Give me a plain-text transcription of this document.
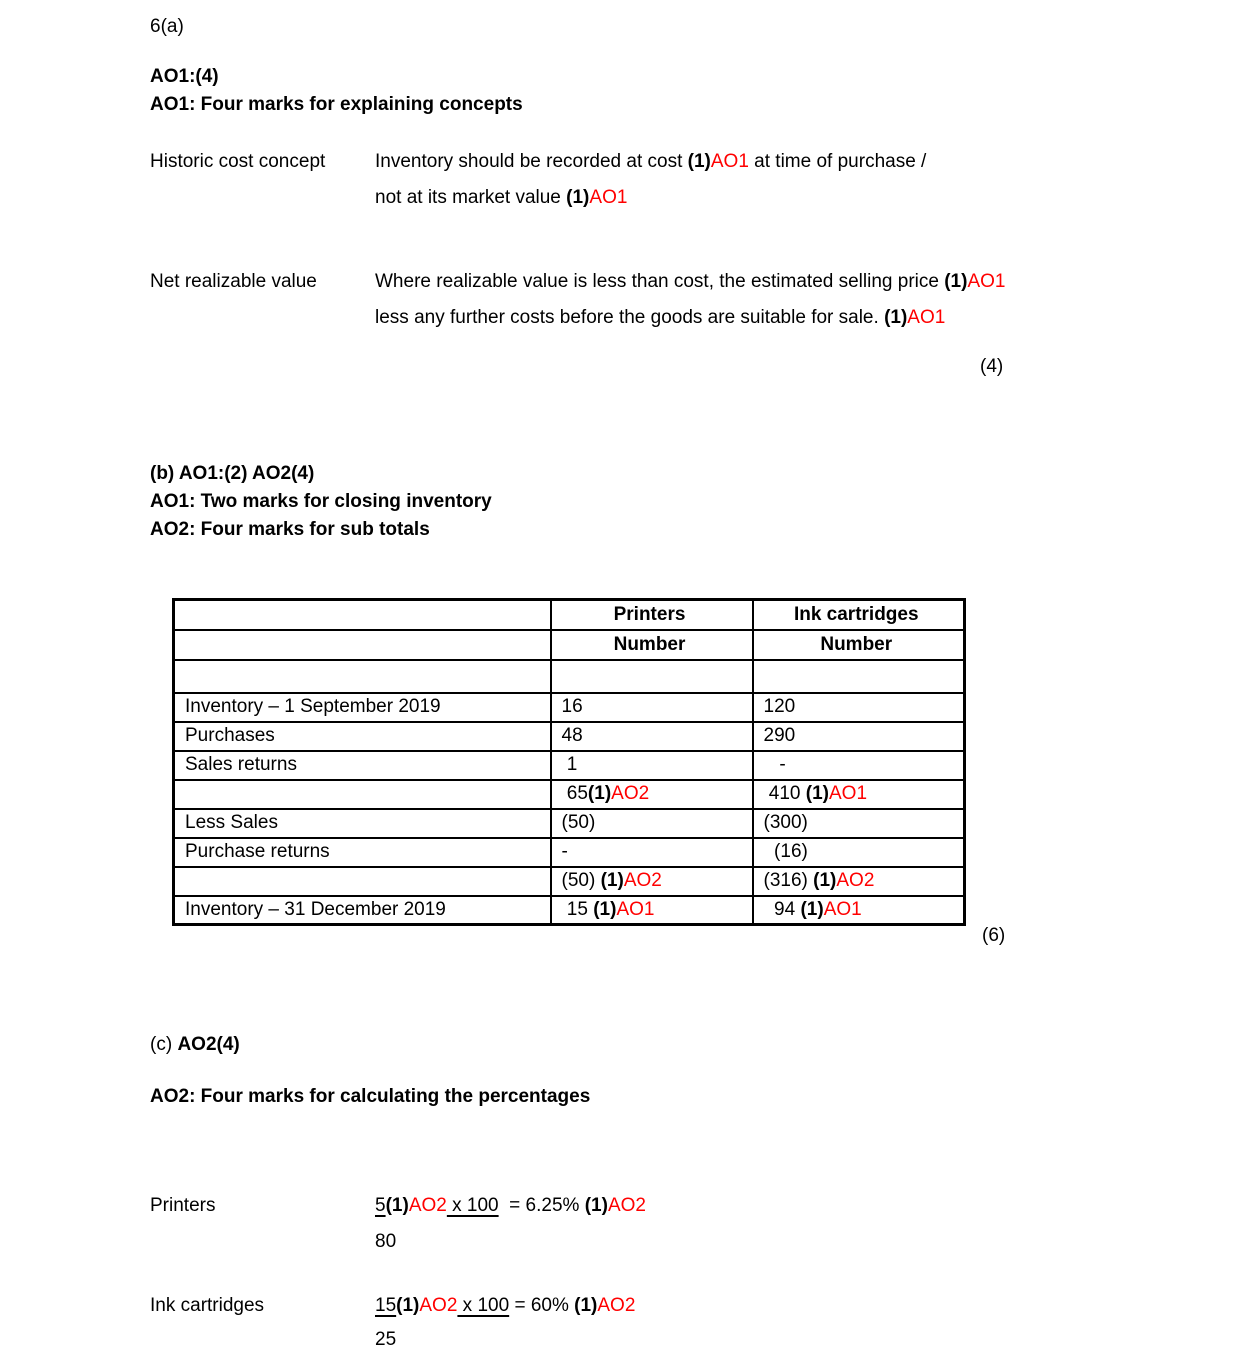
6(a)
AO1:(4)
AO1: Four marks for explaining concepts
Historic cost concept	Inventory should be recorded at cost (1)AO1 at time of purchase /
not at its market value (1)AO1
Net realizable value	Where realizable value is less than cost, the estimated selling price (1)AO1
less any further costs before the goods are suitable for sale. (1)AO1
(4)
(b) AO1:(2) AO2(4)
AO1: Two marks for closing inventory
AO2: Four marks for sub totals
	Printers	Ink cartridges
	Number	Number

Inventory – 1 September 2019	16	120
Purchases	48	290
Sales returns	1	-
	65(1)AO2	410 (1)AO1
Less Sales	(50)	(300)
Purchase returns	-	(16)
	(50) (1)AO2	(316) (1)AO2
Inventory – 31 December 2019	15 (1)AO1	94 (1)AO1
(6)
(c) AO2(4)
AO2: Four marks for calculating the percentages
Printers	5(1)AO2 x 100  = 6.25% (1)AO2
80
Ink cartridges	15(1)AO2 x 100 = 60% (1)AO2
25
